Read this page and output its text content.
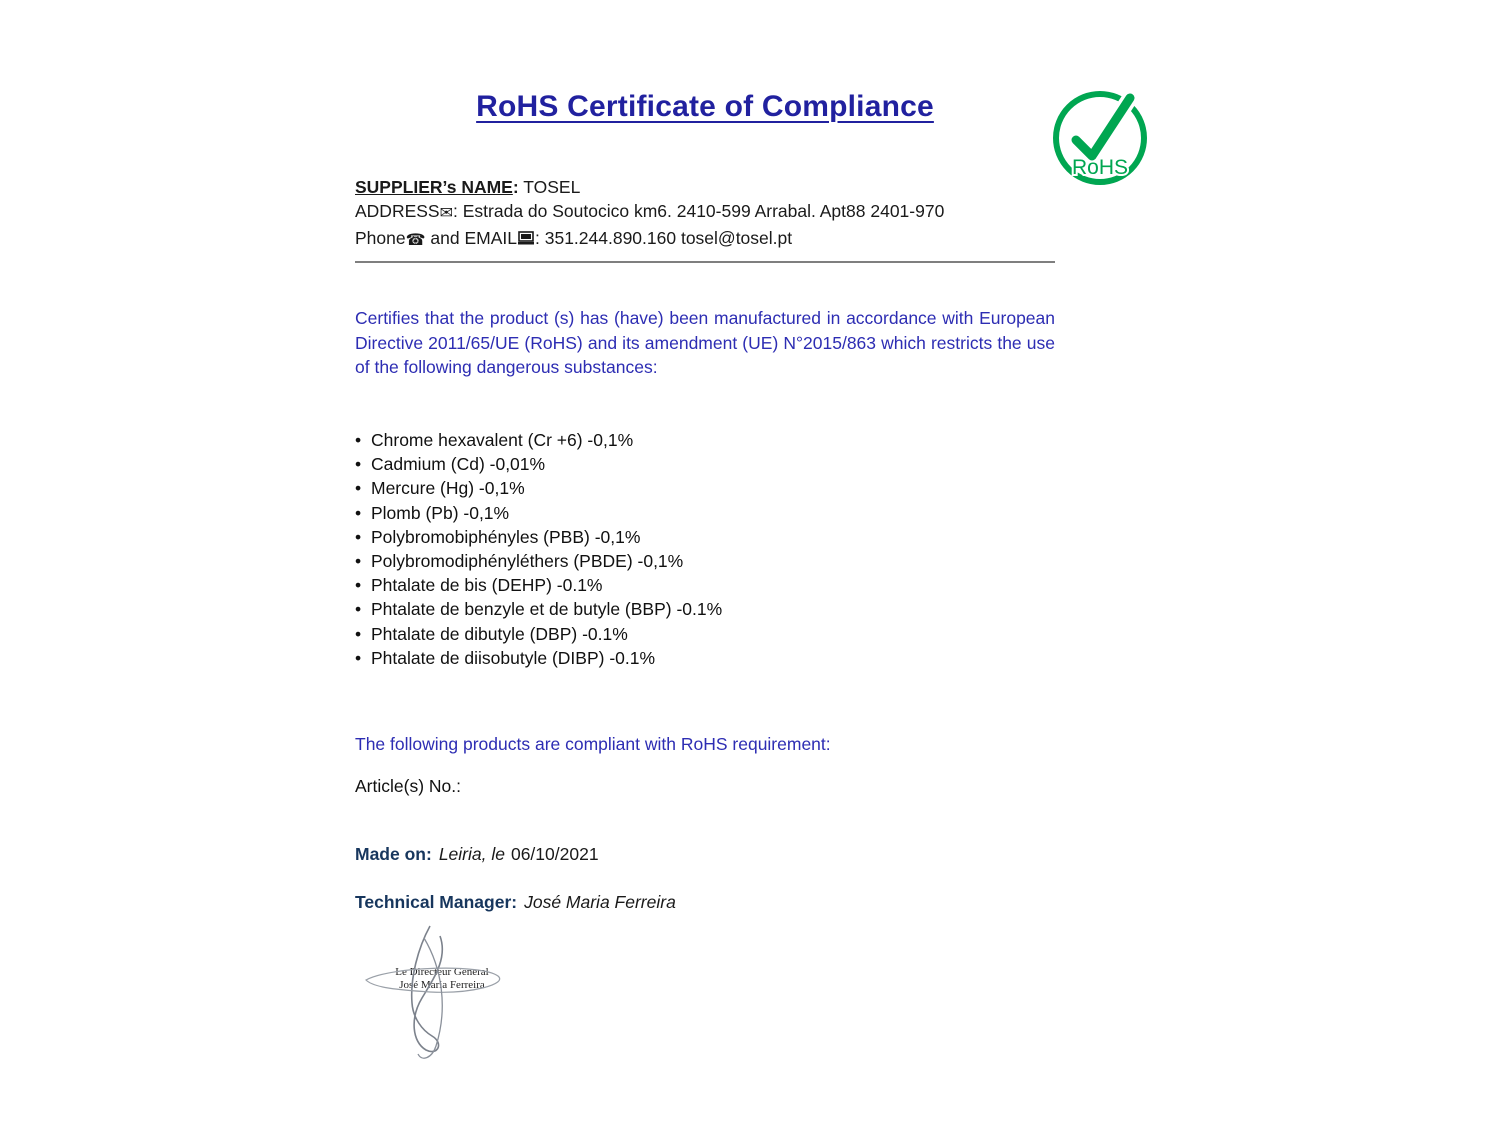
RoHS Certificate of Compliance
RoHS
SUPPLIER’s NAME: TOSEL
ADDRESS✉: Estrada do Soutocico km6. 2410-599 Arrabal. Apt88 2401-970
Phone☎ and EMAIL : 351.244.890.160 tosel@tosel.pt
Certifies that the product (s) has (have) been manufactured in accordance with European Directive 2011/65/UE (RoHS) and its amendment (UE) N°2015/863 which restricts the use of the following dangerous substances:
• Chrome hexavalent (Cr +6) -0,1%
• Cadmium (Cd) -0,01%
• Mercure (Hg) -0,1%
• Plomb (Pb) -0,1%
• Polybromobiphényles (PBB) -0,1%
• Polybromodiphényléthers (PBDE) -0,1%
• Phtalate de bis (DEHP) -0.1%
• Phtalate de benzyle et de butyle (BBP) -0.1%
• Phtalate de dibutyle (DBP) -0.1%
• Phtalate de diisobutyle (DIBP) -0.1%
The following products are compliant with RoHS requirement:
Article(s) No.:
Made on: Leiria, le 06/10/2021
Technical Manager: José Maria Ferreira
Le Directeur General
José Maria Ferreira
